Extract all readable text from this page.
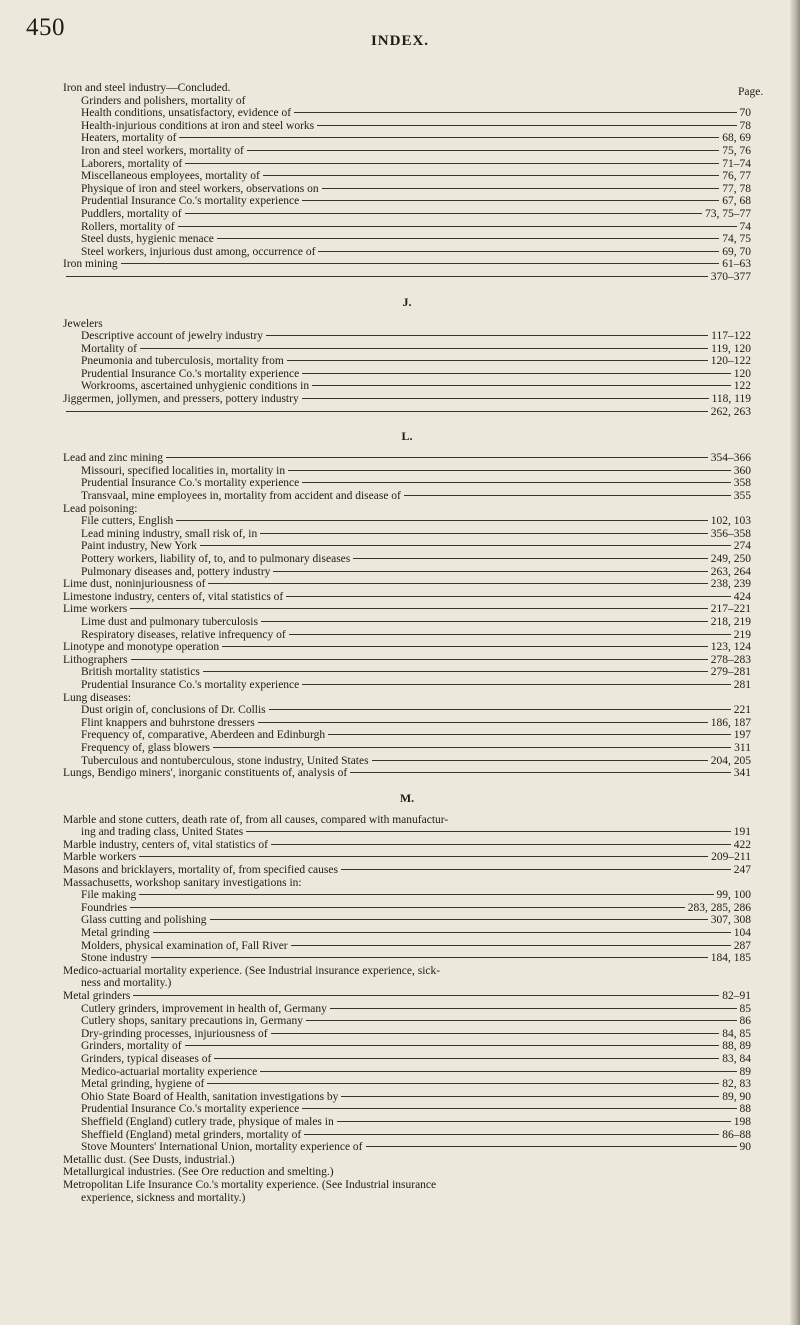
450	INDEX.
Page.
Iron and steel industry—Concluded.
Grinders and polishers, mortality of
Health conditions, unsatisfactory, evidence of	70
Health-injurious conditions at iron and steel works	78
Heaters, mortality of	68, 69
Iron and steel workers, mortality of	75, 76
Laborers, mortality of	71–74
Miscellaneous employees, mortality of	76, 77
Physique of iron and steel workers, observations on	77, 78
Prudential Insurance Co.'s mortality experience	67, 68
Puddlers, mortality of	73, 75–77
Rollers, mortality of	74
Steel dusts, hygienic menace	74, 75
Steel workers, injurious dust among, occurrence of	69, 70
Iron mining	61–63
370–377
J.
Jewelers
Descriptive account of jewelry industry	117–122
Mortality of	119, 120
Pneumonia and tuberculosis, mortality from	120–122
Prudential Insurance Co.'s mortality experience	120
Workrooms, ascertained unhygienic conditions in	122
Jiggermen, jollymen, and pressers, pottery industry	118, 119
262, 263
L.
Lead and zinc mining	354–366
Missouri, specified localities in, mortality in	360
Prudential Insurance Co.'s mortality experience	358
Transvaal, mine employees in, mortality from accident and disease of	355
Lead poisoning:
File cutters, English	102, 103
Lead mining industry, small risk of, in	356–358
Paint industry, New York	274
Pottery workers, liability of, to, and to pulmonary diseases	249, 250
Pulmonary diseases and, pottery industry	263, 264
Lime dust, noninjuriousness of	238, 239
Limestone industry, centers of, vital statistics of	424
Lime workers	217–221
Lime dust and pulmonary tuberculosis	218, 219
Respiratory diseases, relative infrequency of	219
Linotype and monotype operation	123, 124
Lithographers	278–283
British mortality statistics	279–281
Prudential Insurance Co.'s mortality experience	281
Lung diseases:
Dust origin of, conclusions of Dr. Collis	221
Flint knappers and buhrstone dressers	186, 187
Frequency of, comparative, Aberdeen and Edinburgh	197
Frequency of, glass blowers	311
Tuberculous and nontuberculous, stone industry, United States	204, 205
Lungs, Bendigo miners', inorganic constituents of, analysis of	341
M.
Marble and stone cutters, death rate of, from all causes, compared with manufactur-
ing and trading class, United States	191
Marble industry, centers of, vital statistics of	422
Marble workers	209–211
Masons and bricklayers, mortality of, from specified causes	247
Massachusetts, workshop sanitary investigations in:
File making	99, 100
Foundries	283, 285, 286
Glass cutting and polishing	307, 308
Metal grinding	104
Molders, physical examination of, Fall River	287
Stone industry	184, 185
Medico-actuarial mortality experience. (See Industrial insurance experience, sick-
ness and mortality.)
Metal grinders	82–91
Cutlery grinders, improvement in health of, Germany	85
Cutlery shops, sanitary precautions in, Germany	86
Dry-grinding processes, injuriousness of	84, 85
Grinders, mortality of	88, 89
Grinders, typical diseases of	83, 84
Medico-actuarial mortality experience	89
Metal grinding, hygiene of	82, 83
Ohio State Board of Health, sanitation investigations by	89, 90
Prudential Insurance Co.'s mortality experience	88
Sheffield (England) cutlery trade, physique of males in	198
Sheffield (England) metal grinders, mortality of	86–88
Stove Mounters' International Union, mortality experience of	90
Metallic dust. (See Dusts, industrial.)
Metallurgical industries. (See Ore reduction and smelting.)
Metropolitan Life Insurance Co.'s mortality experience. (See Industrial insurance
experience, sickness and mortality.)
